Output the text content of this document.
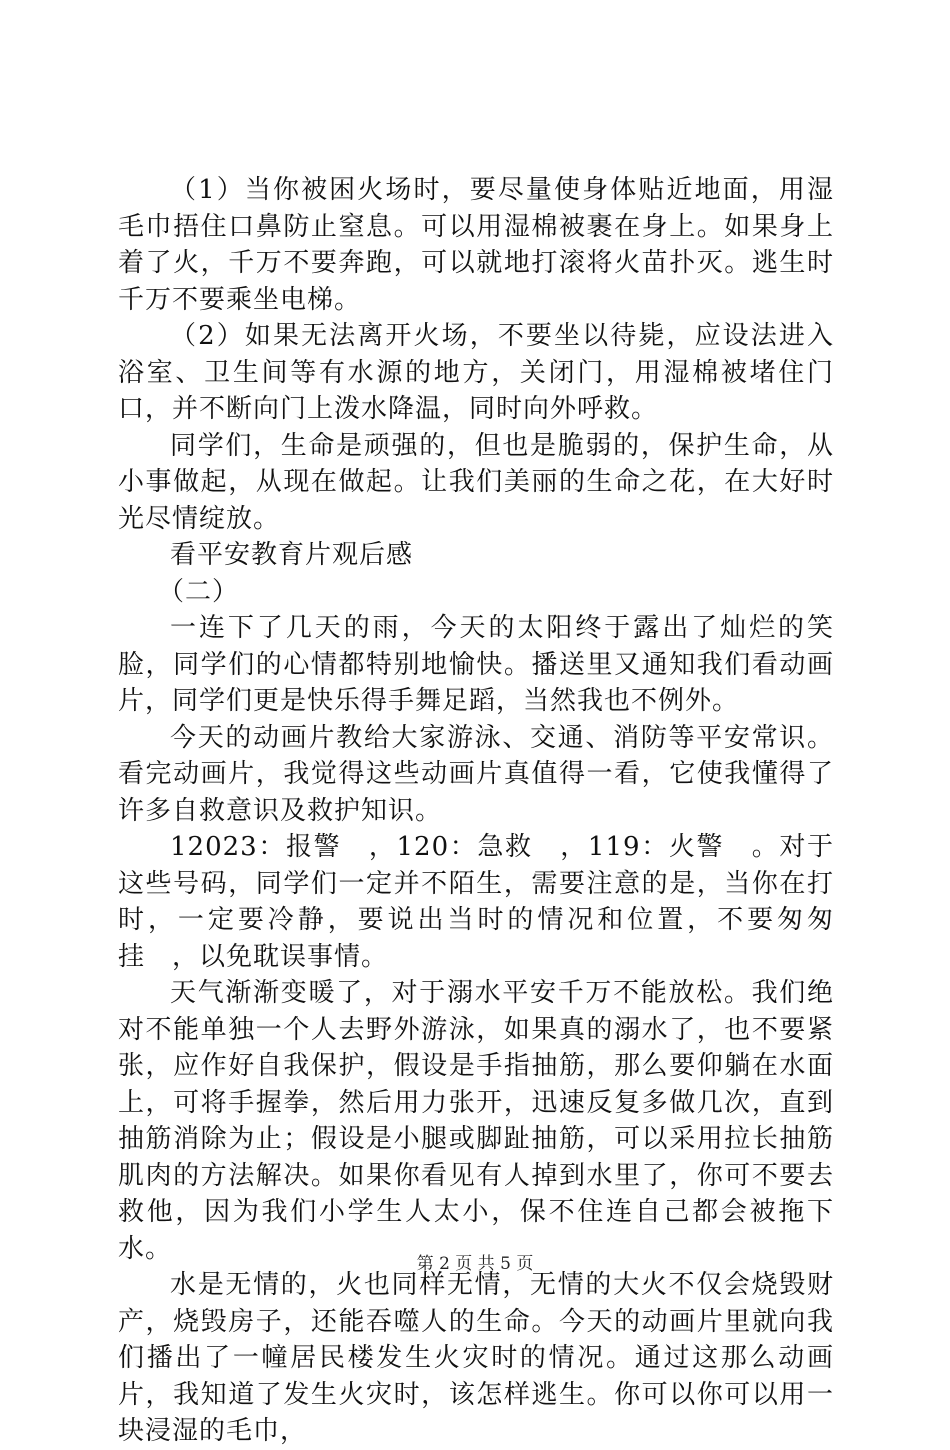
（1）当你被困火场时，要尽量使身体贴近地面，用湿毛巾捂住口鼻防止窒息。可以用湿棉被裹在身上。如果身上着了火，千万不要奔跑，可以就地打滚将火苗扑灭。逃生时千万不要乘坐电梯。

（2）如果无法离开火场，不要坐以待毙，应设法进入浴室、卫生间等有水源的地方，关闭门，用湿棉被堵住门口，并不断向门上泼水降温，同时向外呼救。

同学们，生命是顽强的，但也是脆弱的，保护生命，从小事做起，从现在做起。让我们美丽的生命之花，在大好时光尽情绽放。

看平安教育片观后感

（二）

一连下了几天的雨，今天的太阳终于露出了灿烂的笑脸，同学们的心情都特别地愉快。播送里又通知我们看动画片，同学们更是快乐得手舞足蹈，当然我也不例外。

今天的动画片教给大家游泳、交通、消防等平安常识。看完动画片，我觉得这些动画片真值得一看，它使我懂得了许多自救意识及救护知识。

12023：报警　，120：急救　，119：火警　。对于这些号码，同学们一定并不陌生，需要注意的是，当你在打　时，一定要冷静，要说出当时的情况和位置，不要匆匆挂　，以免耽误事情。

天气渐渐变暖了，对于溺水平安千万不能放松。我们绝对不能单独一个人去野外游泳，如果真的溺水了，也不要紧张，应作好自我保护，假设是手指抽筋，那么要仰躺在水面上，可将手握拳，然后用力张开，迅速反复多做几次，直到抽筋消除为止；假设是小腿或脚趾抽筋，可以采用拉长抽筋肌肉的方法解决。如果你看见有人掉到水里了，你可不要去救他，因为我们小学生人太小，保不住连自己都会被拖下水。

水是无情的，火也同样无情，无情的大火不仅会烧毁财产，烧毁房子，还能吞噬人的生命。今天的动画片里就向我们播出了一幢居民楼发生火灾时的情况。通过这那么动画片，我知道了发生火灾时，该怎样逃生。你可以你可以用一块浸湿的毛巾，

第 2 页 共 5 页
